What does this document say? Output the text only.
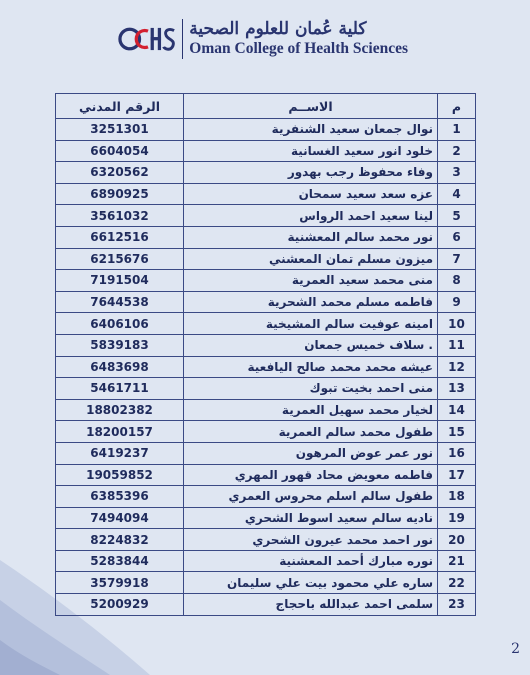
كلية عُمان للعلوم الصحية
Oman College of Health Sciences
م	الاســم	الرقم المدني
1	نوال جمعان سعيد الشنفرية	3251301
2	خلود انور سعيد الغسانية	6604054
3	وفاء محفوظ رجب بهدور	6320562
4	عزه سعد سعيد سمحان	6890925
5	لينا سعيد احمد الرواس	3561032
6	نور محمد سالم المعشنية	6612516
7	ميزون مسلم تمان المعشني	6215676
8	منى محمد سعيد العمرية	7191504
9	فاطمه مسلم محمد الشحرية	7644538
10	امينه عوفيت سالم المشيخية	6406106
11	. سلاف خميس جمعان	5839183
12	عيشه محمد محمد صالح اليافعية	6483698
13	منى احمد بخيت تبوك	5461711
14	لخيار محمد سهيل العمرية	18802382
15	طفول محمد سالم العمرية	18200157
16	نور عمر عوض المرهون	6419237
17	فاطمه معويض محاد قهور المهري	19059852
18	طفول سالم اسلم محروس العمري	6385396
19	ناديه سالم سعيد اسوط الشحري	7494094
20	نور احمد محمد عيرون الشحري	8224832
21	نوره مبارك أحمد المعشنية	5283844
22	ساره علي محمود بيت علي سليمان	3579918
23	سلمى احمد عبدالله باحجاج	5200929
2
